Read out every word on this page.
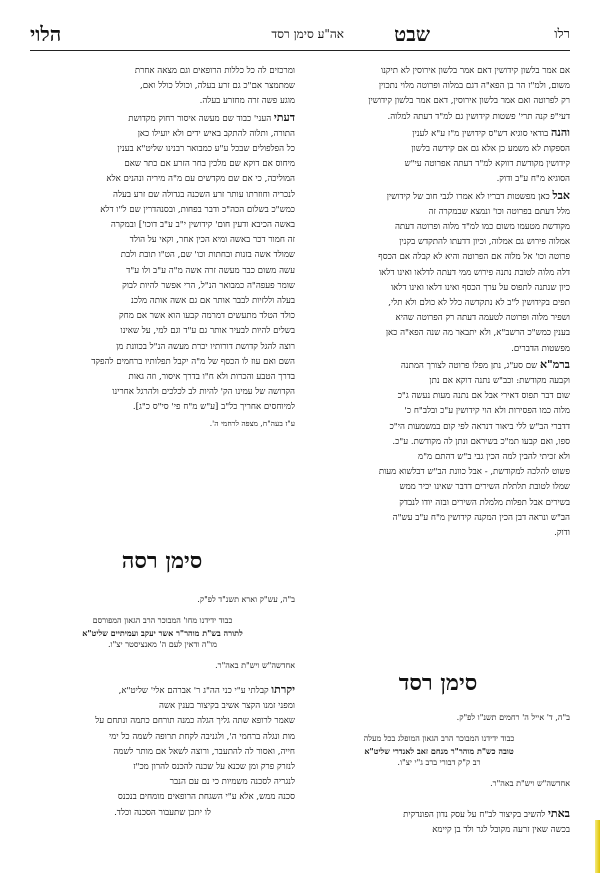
רלו
שבט
אה"ע סימן רסד
הלוי

אם אמר בלשון קידושין דאם אמר בלשון אירוסין לא תיקנו

משום, ולמ"ז הר בן הפא"ה דגם במלוה ופרוטה מלוי נתכוין

רק לפרוטה ואם אמר בלשון אירוסין, דאם אמר בלשון קידושין

דעי"פ קנה תרי' פשטות קידושין גם למ"ד דעתה למלוה.

והנה בודאי סוגיא דש"ס קידושין מ"ז ע"א לענין

הספקות לא משמע כן אלא גם אם קידשה בלשון

קידושין מקודשת דווקא למ"ד דעתה אפרוטה עי"ש

הסוגיא מ"ח ע"ב ודוק.

אבל כאן מפשטות דבריו לא אמרו לגבי חוב של קידושין

מלל דעתם בפרוטה וכו' ונמצא שבמקרה זה

מקודשת מטעמו משום כמו למ"ד מלוה ופרוטה דעתה

אמלוה פירוש גם אמלוה, וכיון דדעתו להתקדש בקנין

פרוטה וכו' אל מלוה אם הפרוטה והיא לא קבלה אם הכסף

דלה מלוה לטובת נתנה פירוש ממי דעתה לדלאו ואינו דלאו

כיון שנתנה לתפוס על ערך הכסף ואינו דלאו ואינו דלאו

תפים בקידושין ל"ב לא נתקדשה כלל לא כולם ולא תלי,

ושפיר מלוה ופרוטה לטעמה דעתה רק הפרוטה שהיא

בענין כמש"כ הרשב"א, ולא יתבאר מה שנה הפא"ה כאן

מפשטות הדברים.

ברמ"א שם סע"ג, נתן מפלו פרוטה לצורך המתנה

וקבעה מקודשת: וכב"ש נתנה דוקא אם נתן

שום דבר תפוס דאירי אבל אם נתנה מעות נעשה ג"כ

מלוה כמו הפסירות ולא הוי קידושין ע"כ ובלב"ח כ'

דדברי הב"ש ללי ביאור דנראה לפי קום במשמעות הי"כ

ספו, ואם קבעו תמ"כ בשיראם ונתן לה מקודשת. ע"כ.

ולא זכיתי להבין למה הכין גבי ב"ש דהתם מ"מ

פשוט להלכה למקודשת, - אבל כוונת הב"ש דבלשוא מעות

שמלו לטובת תלתלת השירים דדבר שאינו יכיר ממש

בשירים אבל תפלות מלמלת השירים ובזה יודו לנבדק

הב"ש ונראה דבן הכין המקנה קידושין מ"ח ע"ב עש"ה

ודוק.

ומרכזים לה כל כללות הרופאים וגם מצאה אחרת

שמתמצר אם"כ גם זרע בעלה, וכולל כולל ואם,

מוגע פשה זרה מחזרע בעלה.

דעתי העני' כבוד שם מעשה איסור רחוק מקדושת

התורה, ותלוה להתקב באיש ידים ולא יועילו כאן

כל הפלפולים שבכל ע"ע כמבואר רבנינו שליט"א בענין

מיחוס אם דוקא שם מלכין בחר הזרע אם כתר שאם

המוליכה, כי אם שם מקדשים עם מ"ה מיריה ונהנים אלא

לנכריה וחוזרתו עותר זרע השכנה בגדולה שם זרע בעלה

כמש"כ בשלום הכה"כ ודבר בפחות, ובסנהדרין שם ל"ו דלא

באשה הכיבא ודעין חום' קידושין י"ב ע"ב דוכו'] ובמקרה

זה חמור דכר באשה ומיא הכין אחר, וקאי על הולד

שמולד אשה בזנות ובחתות וכו' שם, הט"ו תובת ולבת

עשה משום כבר מעשה זרה אשה מ"ה ע"ב ולו ע"ד

שומר פעפה"ה כמבואר הנ"ל, הרי אפשר להיות לבוק

בעלה וללזיות לבבר אותר אם גם אשה אותה מלכנ

כולד הטלד מתעשים דמרמה קבעו הוא אשר אם מחק

בשלים להיות לבעיר אותר גם ע"ד וגם למי, על שאינו

רוצה להגל קדושת דורותיו יכרת מעשה הנ"ל בכוונת מן

השם ואם עוז לו הכסף של מ"ה יקבל תפלותיו ברחמים להפקד

בדרך הטבע והכרות ולא ח"ו בדרך איסור, וזה גאות

הקדושה של עמינו הק' להיות לב לכלכים ולהרגל אחרינו

למיוחסים אחריך כל"ב [ע"ש מ"ח פי' סי"ס כ"ג].

ע"ז בעה"ח, מצפה לרחמי ה'.

סימן רסה

ב"ה, עש"ק וארא תשנ"ד לפ"ק.

כבוד ידידנו מחו' המבוכר הרב הגאון המפורסם

לתורה בש"ת מוהר"ר אשר יעקב ועמיתיים שליט"א

מו"ה ודאין לעם ה' מאנציסטר יצ"ו.

אחדשה"ש ויש"ת באה"ר.

יקרתו קבלתי ע"י כני הה"ג ר' אברהם אלי' שליט"א,

ומפני זמנו הקצר אשיב בקיצור בענין אשה

שאמר לרופא שתה גליך הגלה כמנה תורחם כתמה ונתחם על

מות ונגלה ברחמי ה', ולגניבה לקחת תרופה לשמה כל ימי

חייה, ואסור לה להתעבר, ורוצה לשאל אם מותר לשמה

לנזרק פרק ומן שכנא על שכנה להכנס להרון מכ"ז

לנגריה לסכנה משמיות כי נם עם הנבר

סכנה ממש, אלא ע"י השגחת הרופאים מומחים בנכנס

לו יתכן שתעבור הסכנה וכלד.

סימן רסד

ב"ה, ד' אייל ה' רחמים תשנ"ו לפ"ק.

כבוד ידידנו המבוכר הרב הגאון המופלג בכל מעלה

טובה כש"ת מוהר"ר מנחם זאב לאנדרי שליט"א

רב ק"ק דבורי ברב ג"י יצ"ו.

אחדשה"ש ויש"ת באה"ר.

באתי להשיב בקיצור לב"ח על עסק נדון הפונדקית

בכשה שאין זרעה מקובל לגר ולד בן קיימא
